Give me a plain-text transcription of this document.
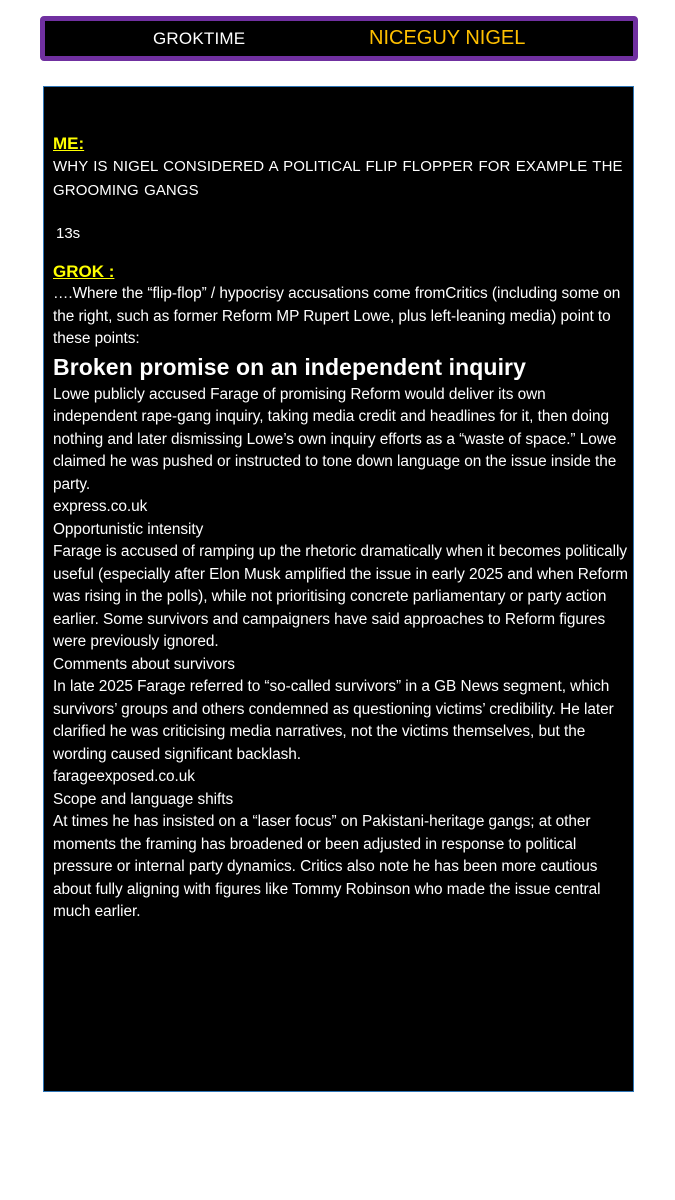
GROKTIME	NICEGUY NIGEL

ME:

WHY IS NIGEL CONSIDERED A POLITICAL FLIP FLOPPER FOR EXAMPLE THE GROOMING GANGS

13s

GROK :

….Where the “flip-flop” / hypocrisy accusations come fromCritics (including some on the right, such as former Reform MP Rupert Lowe, plus left-leaning media) point to these points:

Broken promise on an independent inquiry

Lowe publicly accused Farage of promising Reform would deliver its own independent rape-gang inquiry, taking media credit and headlines for it, then doing nothing and later dismissing Lowe’s own inquiry efforts as a “waste of space.” Lowe claimed he was pushed or instructed to tone down language on the issue inside the party.
express.co.uk
Opportunistic intensity
Farage is accused of ramping up the rhetoric dramatically when it becomes politically useful (especially after Elon Musk amplified the issue in early 2025 and when Reform was rising in the polls), while not prioritising concrete parliamentary or party action earlier. Some survivors and campaigners have said approaches to Reform figures were previously ignored.
Comments about survivors
In late 2025 Farage referred to “so-called survivors” in a GB News segment, which survivors’ groups and others condemned as questioning victims’ credibility. He later clarified he was criticising media narratives, not the victims themselves, but the wording caused significant backlash.
farageexposed.co.uk
Scope and language shifts
At times he has insisted on a “laser focus” on Pakistani-heritage gangs; at other moments the framing has broadened or been adjusted in response to political pressure or internal party dynamics. Critics also note he has been more cautious about fully aligning with figures like Tommy Robinson who made the issue central much earlier.
